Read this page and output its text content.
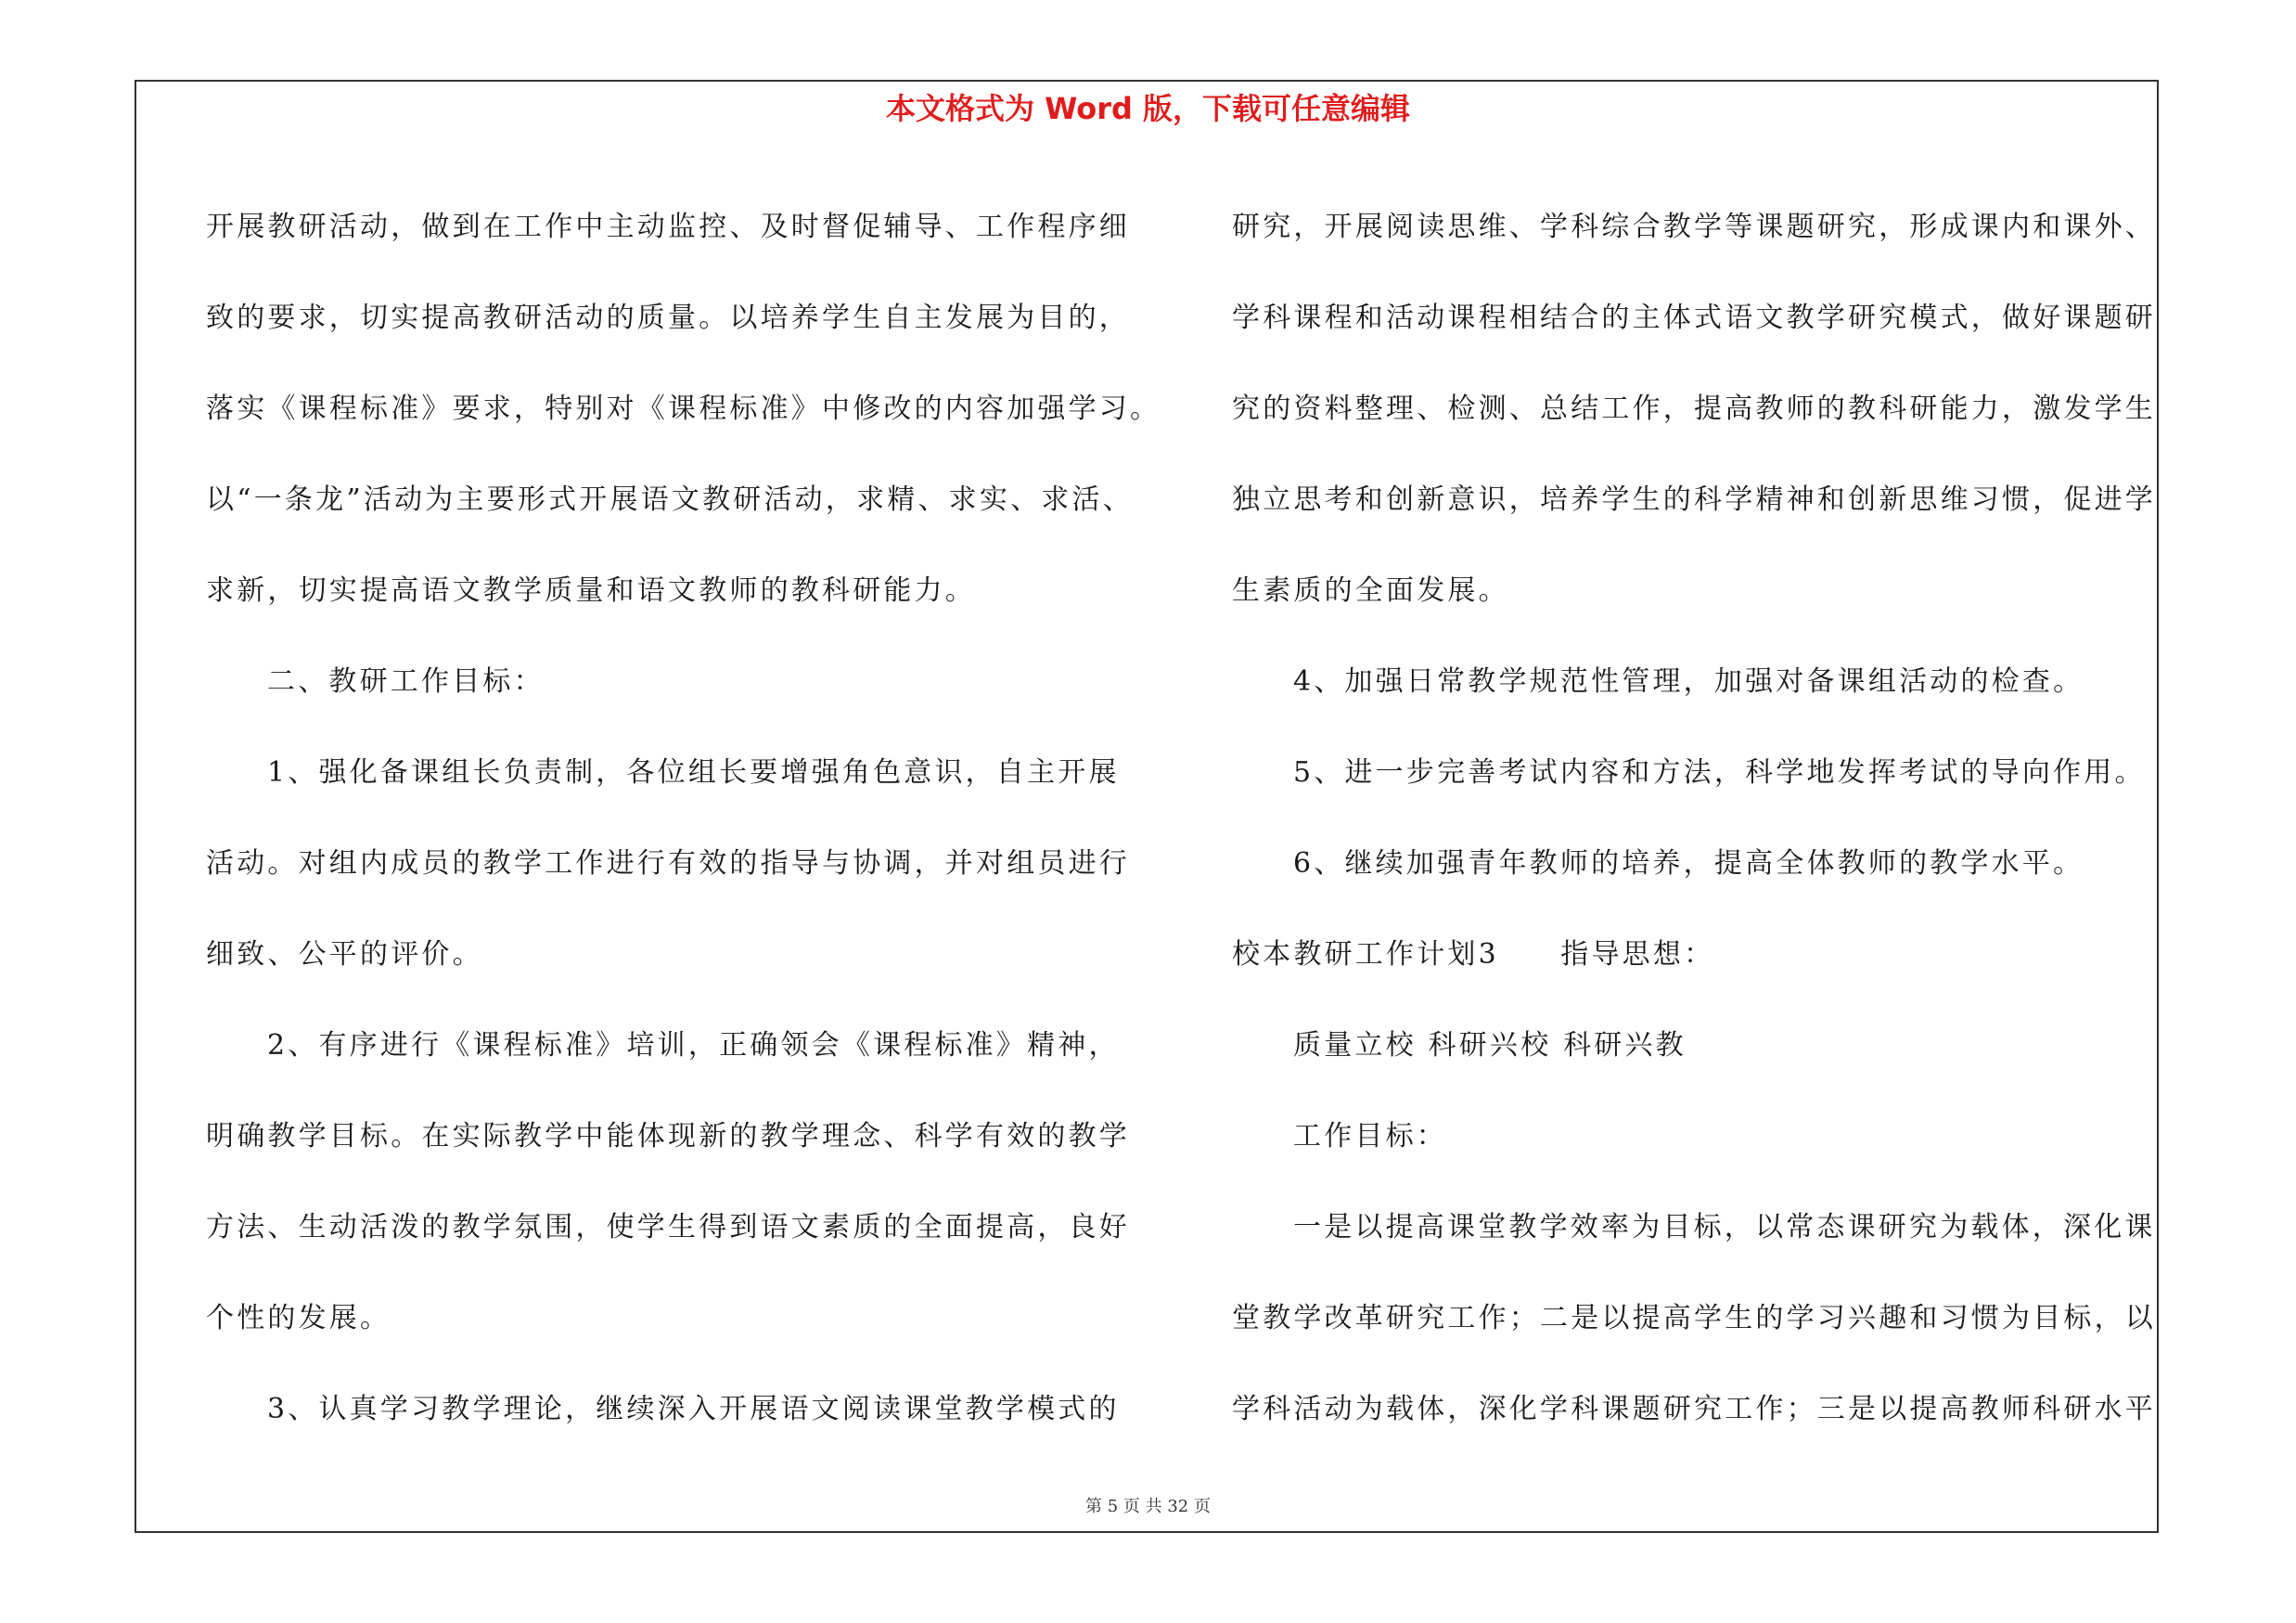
本文格式为 Word 版，下载可任意编辑
开展教研活动，做到在工作中主动监控、及时督促辅导、工作程序细
致的要求，切实提高教研活动的质量。以培养学生自主发展为目的，
落实《课程标准》要求，特别对《课程标准》中修改的内容加强学习。
以“一条龙”活动为主要形式开展语文教研活动，求精、求实、求活、
求新，切实提高语文教学质量和语文教师的教科研能力。
二、教研工作目标：
1、强化备课组长负责制，各位组长要增强角色意识，自主开展
活动。对组内成员的教学工作进行有效的指导与协调，并对组员进行
细致、公平的评价。
2、有序进行《课程标准》培训，正确领会《课程标准》精神，
明确教学目标。在实际教学中能体现新的教学理念、科学有效的教学
方法、生动活泼的教学氛围，使学生得到语文素质的全面提高，良好
个性的发展。
3、认真学习教学理论，继续深入开展语文阅读课堂教学模式的
研究，开展阅读思维、学科综合教学等课题研究，形成课内和课外、
学科课程和活动课程相结合的主体式语文教学研究模式，做好课题研
究的资料整理、检测、总结工作，提高教师的教科研能力，激发学生
独立思考和创新意识，培养学生的科学精神和创新思维习惯，促进学
生素质的全面发展。
4、加强日常教学规范性管理，加强对备课组活动的检查。
5、进一步完善考试内容和方法，科学地发挥考试的导向作用。
6、继续加强青年教师的培养，提高全体教师的教学水平。
校本教研工作计划3　　指导思想：
质量立校 科研兴校 科研兴教
工作目标：
一是以提高课堂教学效率为目标，以常态课研究为载体，深化课
堂教学改革研究工作；二是以提高学生的学习兴趣和习惯为目标，以
学科活动为载体，深化学科课题研究工作；三是以提高教师科研水平
第 5 页 共 32 页
